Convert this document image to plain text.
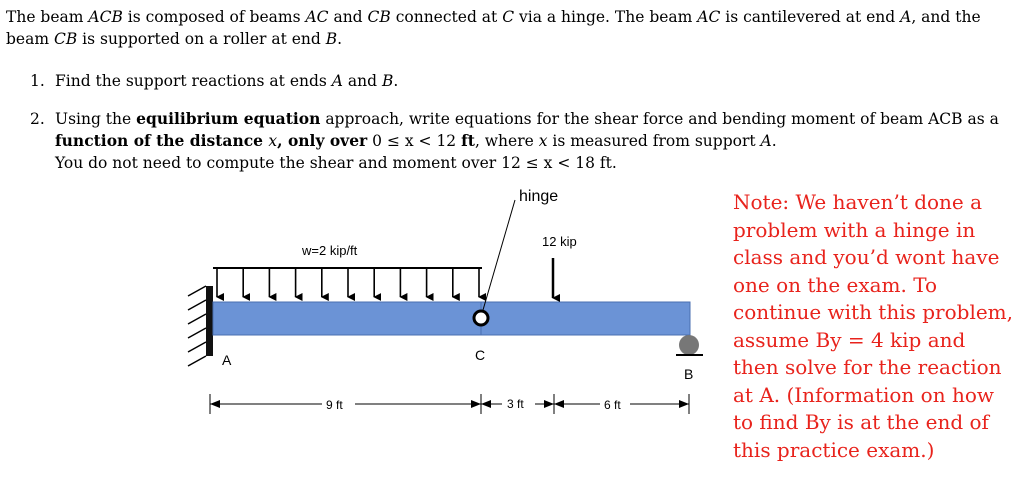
The beam ACB is composed of beams AC and CB connected at C via a hinge. The beam AC is cantilevered at end A, and the beam CB is supported on a roller at end B.
1. Find the support reactions at ends A and B.
2. Using the equilibrium equation approach, write equations for the shear force and bending moment of beam ACB as a function of the distance x, only over 0 ≤ x < 12 ft, where x is measured from support A.
You do not need to compute the shear and moment over 12 ≤ x < 18 ft.
w=2 kip/ft
hinge
12 kip
A	C
B
9 ft	3 ft	6 ft
Note: We haven’t done a problem with a hinge in class and you’d wont have one on the exam. To continue with this problem, assume By = 4 kip and then solve for the reaction at A. (Information on how to find By is at the end of this practice exam.)
